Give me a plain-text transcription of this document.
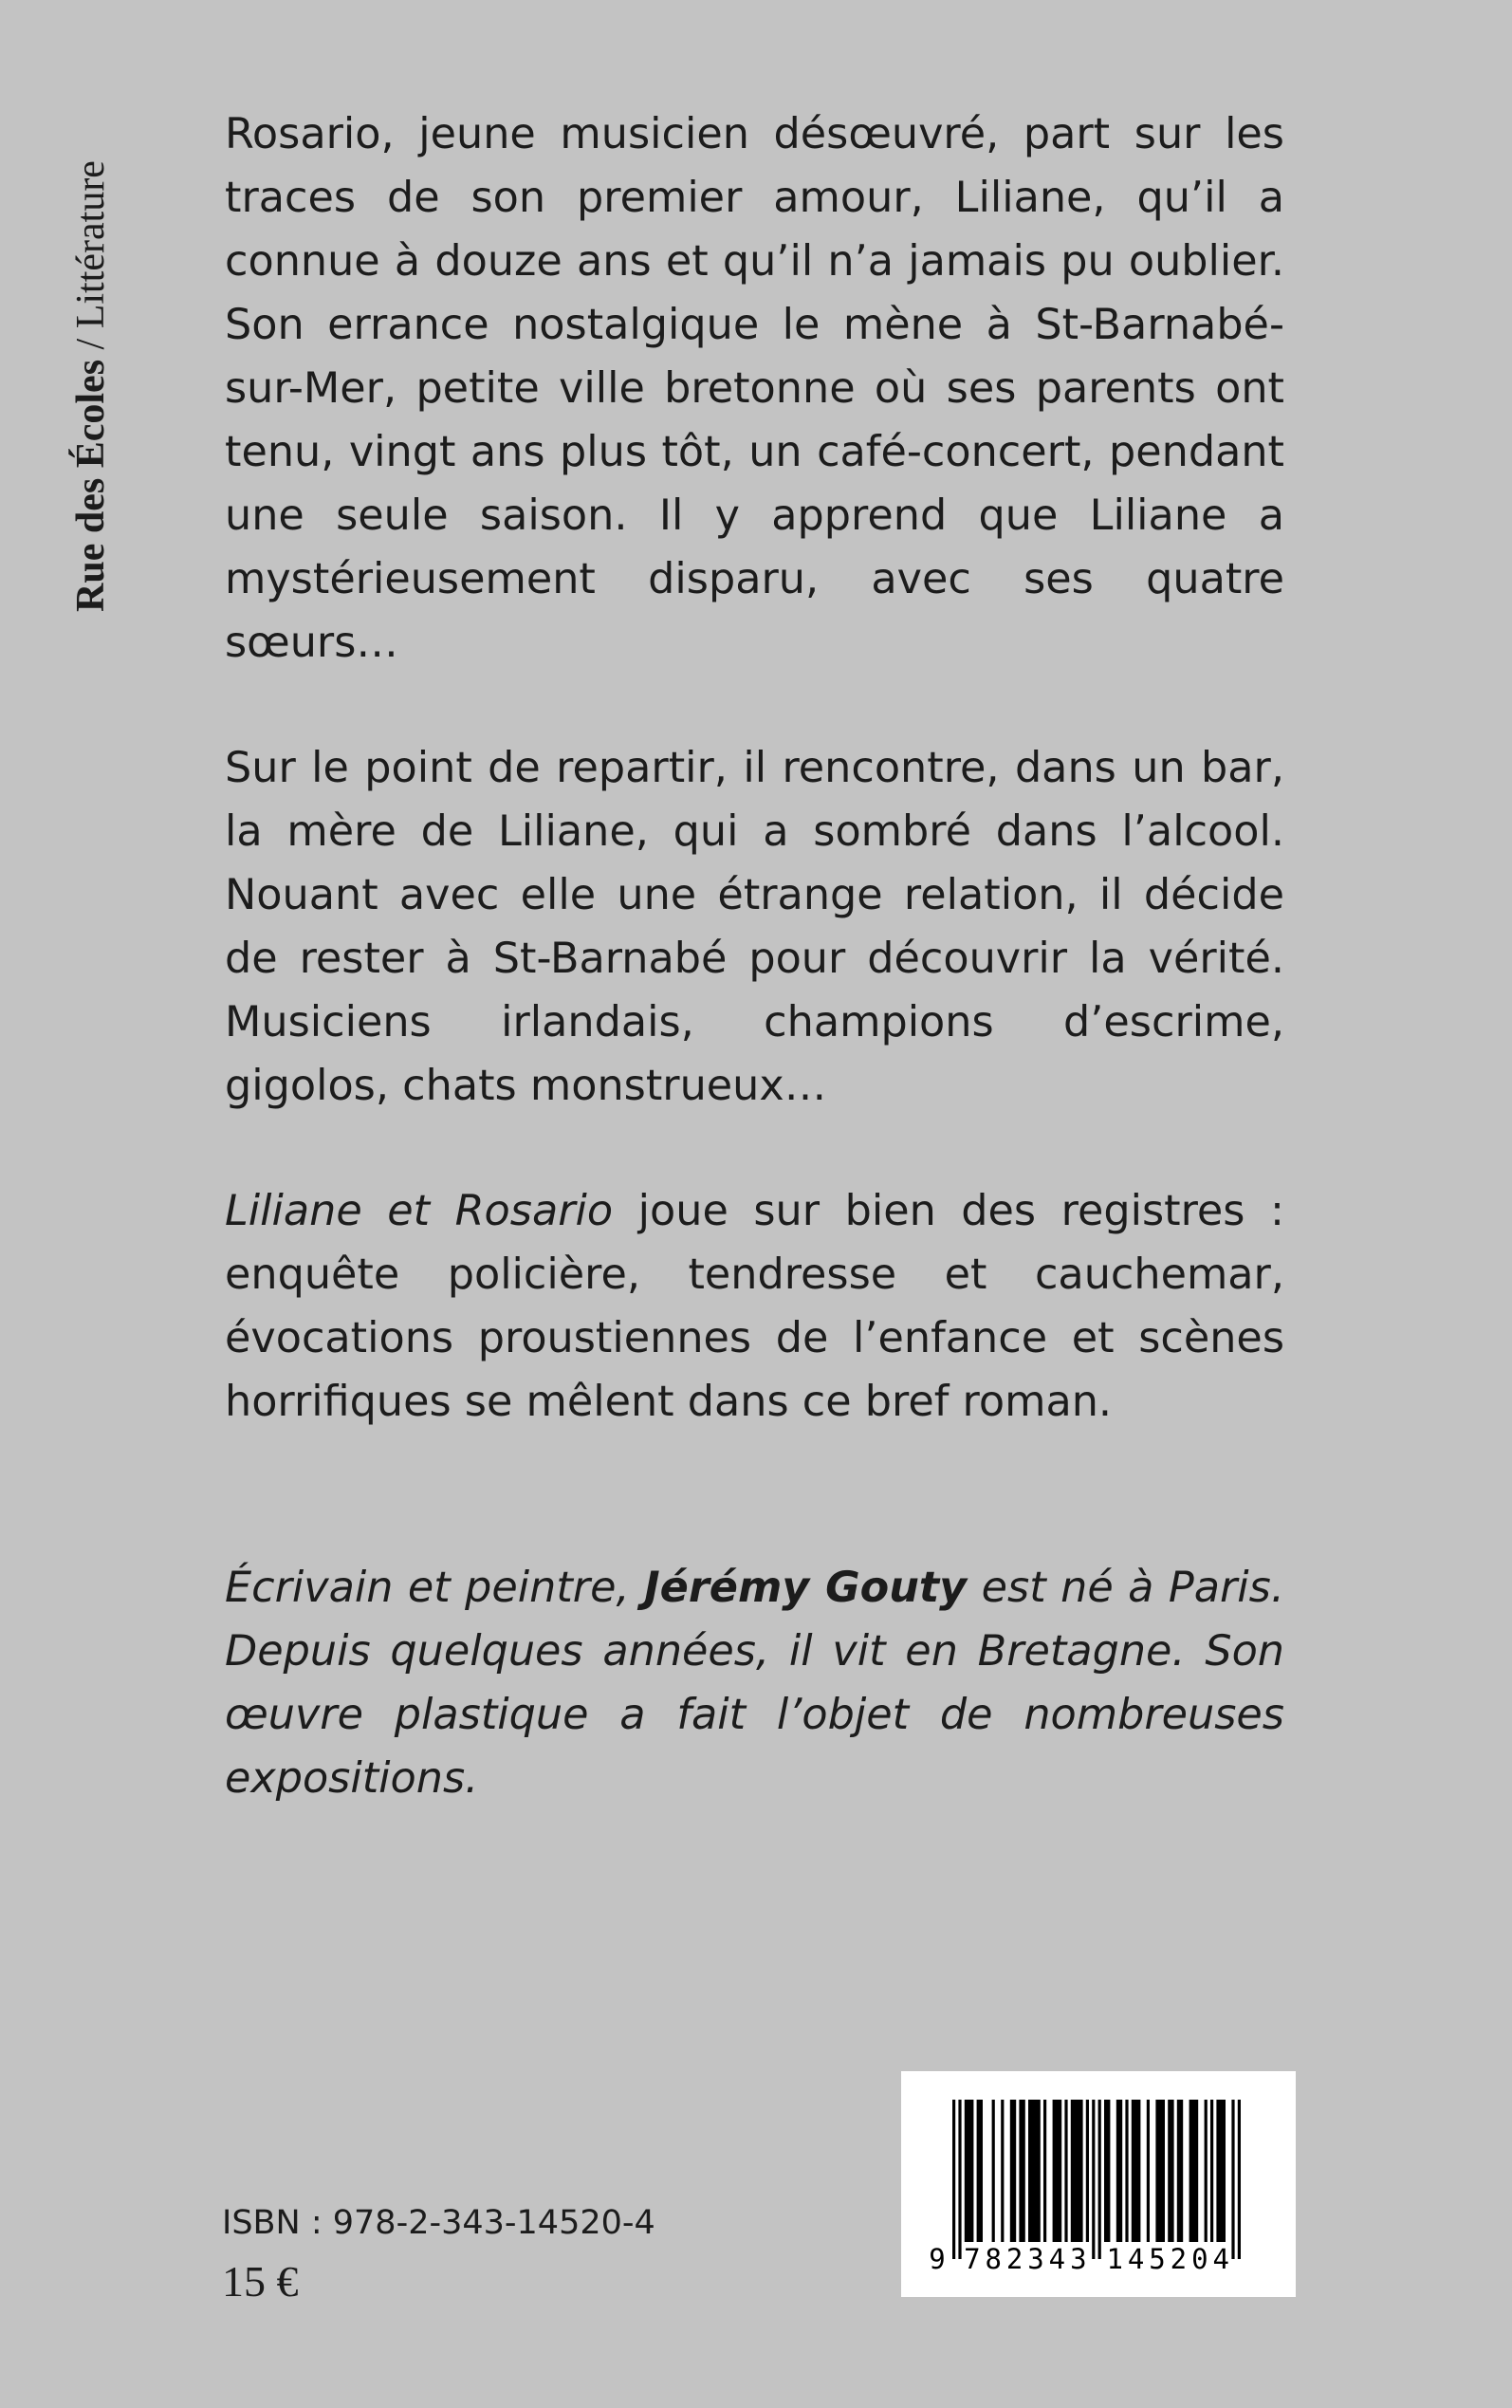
Rue des Écoles / Littérature

Rosario, jeune musicien désœuvré, part sur les traces de son premier amour, Liliane, qu’il a connue à douze ans et qu’il n’a jamais pu oublier. Son errance nostalgique le mène à St-Barnabé-sur-Mer, petite ville bretonne où ses parents ont tenu, vingt ans plus tôt, un café-concert, pendant une seule saison. Il y apprend que Liliane a mystérieusement disparu, avec ses quatre sœurs…

Sur le point de repartir, il rencontre, dans un bar, la mère de Liliane, qui a sombré dans l’alcool. Nouant avec elle une étrange relation, il décide de rester à St-Barnabé pour découvrir la vérité. Musiciens irlandais, champions d’escrime, gigolos, chats monstrueux…

Liliane et Rosario joue sur bien des registres : enquête policière, tendresse et cauchemar, évocations proustiennes de l’enfance et scènes horrifiques se mêlent dans ce bref roman.

Écrivain et peintre, Jérémy Gouty est né à Paris. Depuis quelques années, il vit en Bretagne. Son œuvre plastique a fait l’objet de nombreuses expositions.

ISBN : 978-2-343-14520-4
15 €	9 7 8 2 3 4 3 1 4 5 2 0 4
